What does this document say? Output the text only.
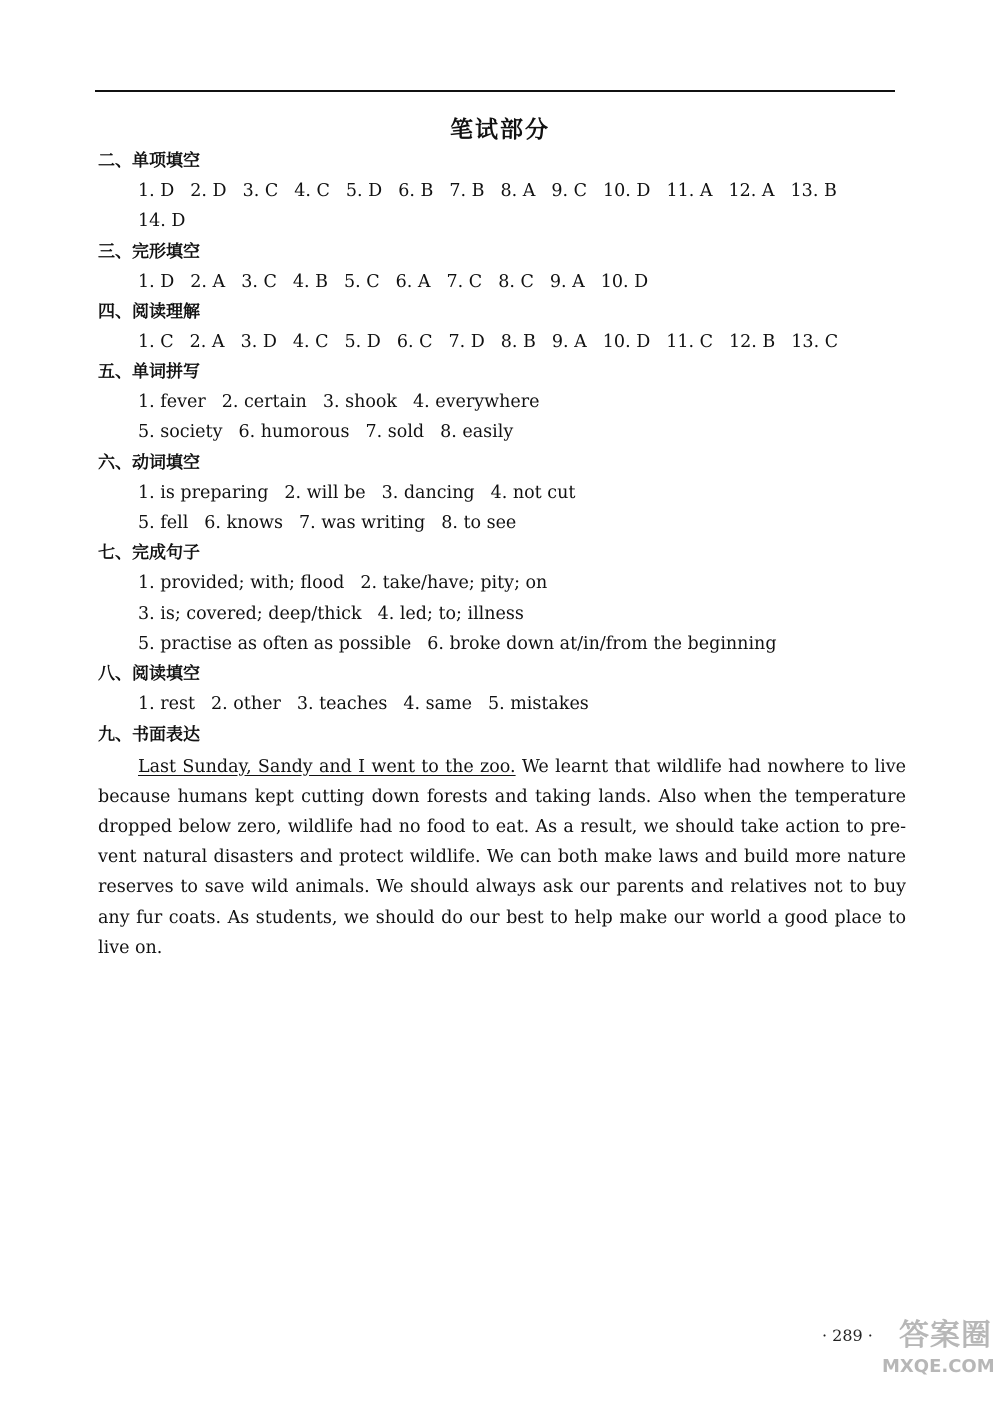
笔试部分
二、单项填空
1. D 2. D 3. C 4. C 5. D 6. B 7. B 8. A 9. C 10. D 11. A 12. A 13. B
14. D
三、完形填空
1. D 2. A 3. C 4. B 5. C 6. A 7. C 8. C 9. A 10. D
四、阅读理解
1. C 2. A 3. D 4. C 5. D 6. C 7. D 8. B 9. A 10. D 11. C 12. B 13. C
五、单词拼写
1. fever 2. certain 3. shook 4. everywhere
5. society 6. humorous 7. sold 8. easily
六、动词填空
1. is preparing 2. will be 3. dancing 4. not cut
5. fell 6. knows 7. was writing 8. to see
七、完成句子
1. provided; with; flood 2. take/have; pity; on
3. is; covered; deep/thick 4. led; to; illness
5. practise as often as possible 6. broke down at/in/from the beginning
八、阅读填空
1. rest 2. other 3. teaches 4. same 5. mistakes
九、书面表达
Last Sunday, Sandy and I went to the zoo. We learnt that wildlife had nowhere to live because humans kept cutting down forests and taking lands. Also when the temperature dropped below zero, wildlife had no food to eat. As a result, we should take action to pre-vent natural disasters and protect wildlife. We can both make laws and build more nature reserves to save wild animals. We should always ask our parents and relatives not to buy any fur coats. As students, we should do our best to help make our world a good place to live on.
· 289 · 答案圈
MXQE.COM
